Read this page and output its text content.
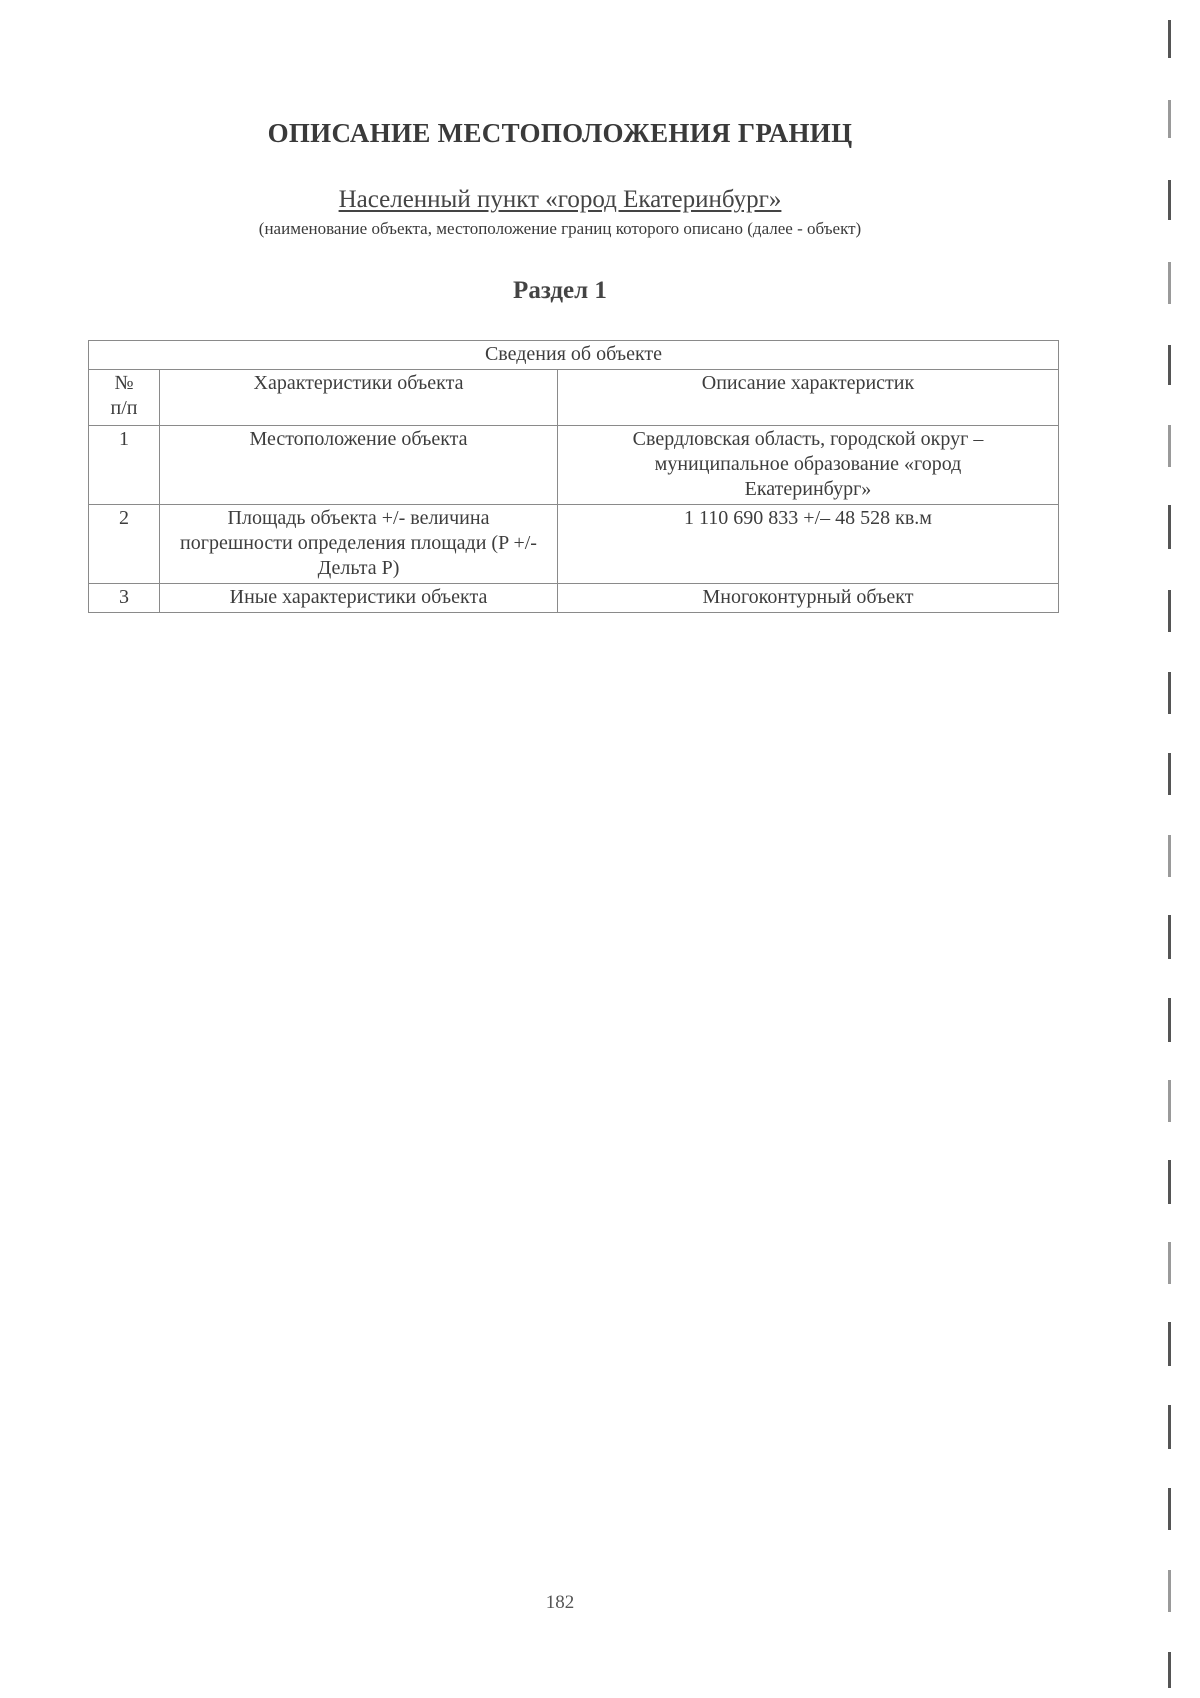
ОПИСАНИЕ МЕСТОПОЛОЖЕНИЯ ГРАНИЦ
Населенный пункт «город Екатеринбург»
(наименование объекта, местоположение границ которого описано (далее - объект)
Раздел 1
Сведения об объекте		

№ п/п	Характеристики объекта	Описание характеристик
1	Местоположение объекта	Свердловская область, городской округ – муниципальное образование «город Екатеринбург»

2	Площадь объекта +/- величина погрешности определения площади (P +/- Дельта P)	1 110 690 833 +/– 48 528 кв.м
3	Иные характеристики объекта	Многоконтурный объект
182
